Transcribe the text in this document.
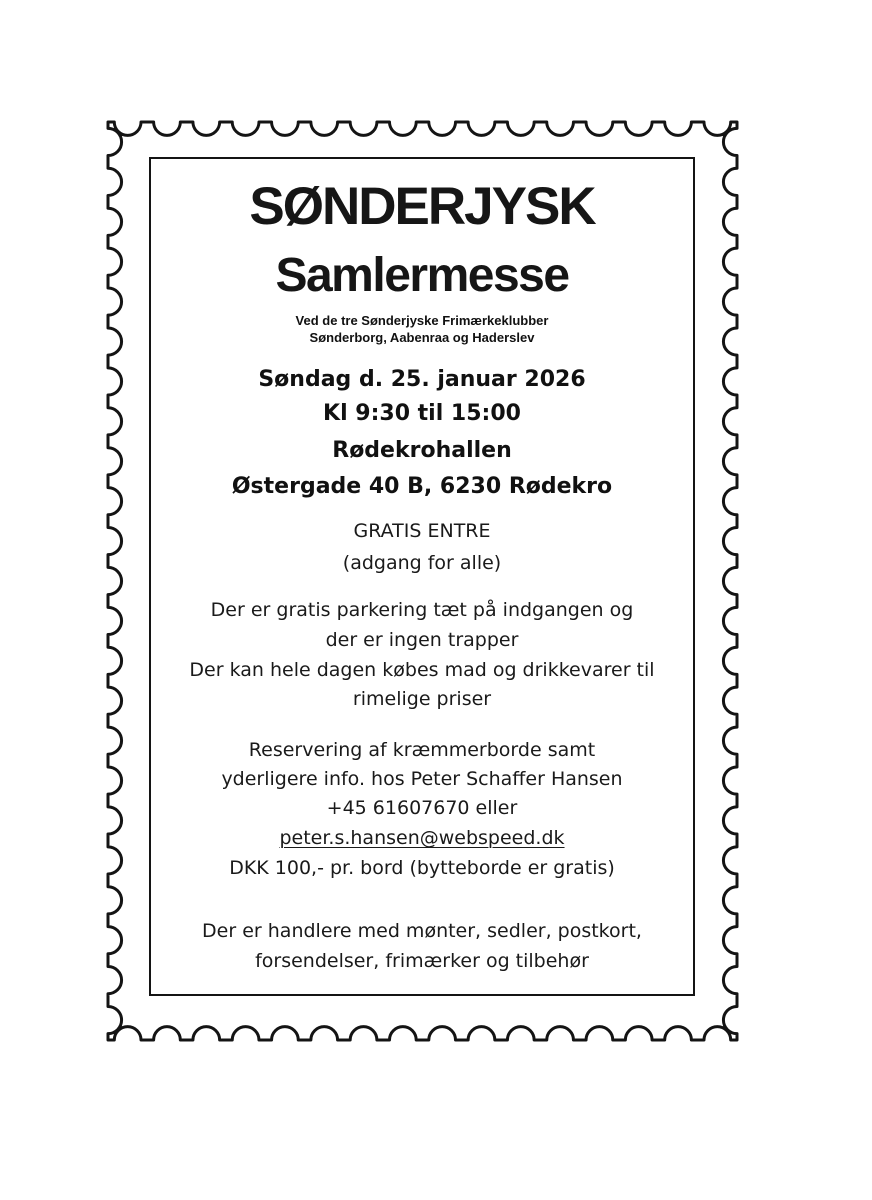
SØNDERJYSK
Samlermesse
Ved de tre Sønderjyske Frimærkeklubber
Sønderborg, Aabenraa og Haderslev
Søndag d. 25. januar 2026
Kl 9:30 til 15:00
Rødekrohallen
Østergade 40 B, 6230 Rødekro
GRATIS ENTRE
(adgang for alle)
Der er gratis parkering tæt på indgangen og
der er ingen trapper
Der kan hele dagen købes mad og drikkevarer til
rimelige priser
Reservering af kræmmerborde samt
yderligere info. hos Peter Schaffer Hansen
+45 61607670 eller
peter.s.hansen@webspeed.dk
DKK 100,- pr. bord (bytteborde er gratis)
Der er handlere med mønter, sedler, postkort,
forsendelser, frimærker og tilbehør
